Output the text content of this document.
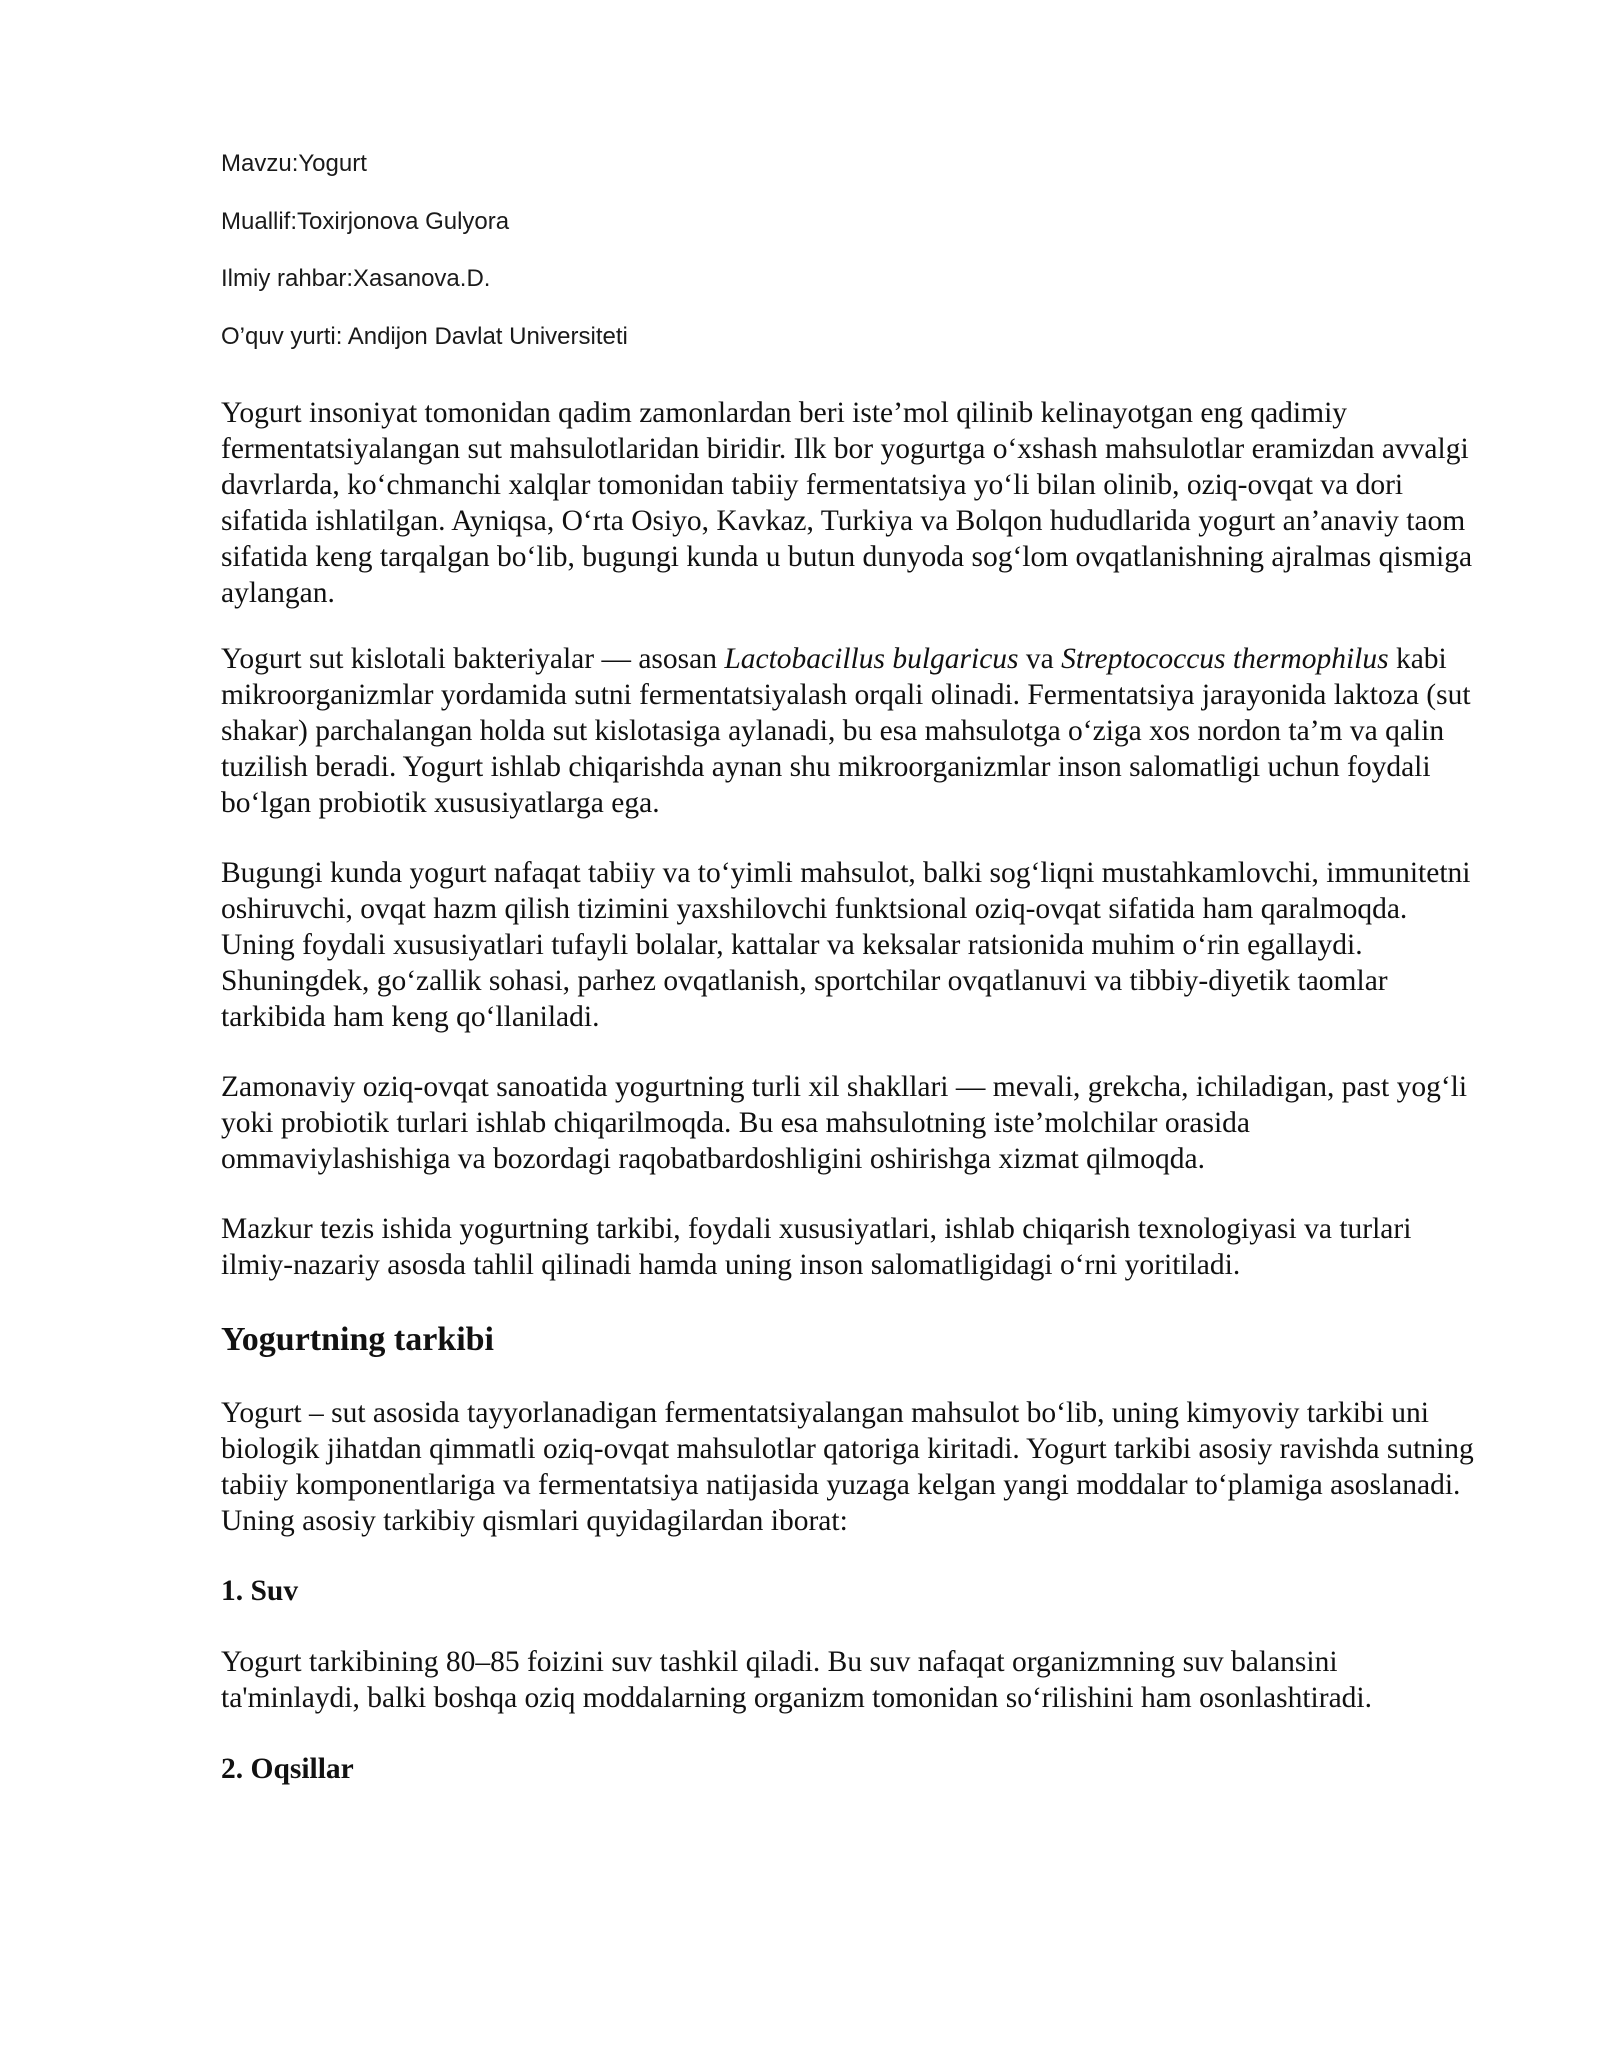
Mavzu:Yogurt
Muallif:Toxirjonova Gulyora
Ilmiy rahbar:Xasanova.D.
O’quv yurti: Andijon Davlat Universiteti

Yogurt insoniyat tomonidan qadim zamonlardan beri iste’mol qilinib kelinayotgan eng qadimiy fermentatsiyalangan sut mahsulotlaridan biridir. Ilk bor yogurtga o‘xshash mahsulotlar eramizdan avvalgi davrlarda, ko‘chmanchi xalqlar tomonidan tabiiy fermentatsiya yo‘li bilan olinib, oziq-ovqat va dori sifatida ishlatilgan. Ayniqsa, O‘rta Osiyo, Kavkaz, Turkiya va Bolqon hududlarida yogurt an’anaviy taom sifatida keng tarqalgan bo‘lib, bugungi kunda u butun dunyoda sog‘lom ovqatlanishning ajralmas qismiga aylangan.

Yogurt sut kislotali bakteriyalar — asosan Lactobacillus bulgaricus va Streptococcus thermophilus kabi mikroorganizmlar yordamida sutni fermentatsiyalash orqali olinadi. Fermentatsiya jarayonida laktoza (sut shakar) parchalangan holda sut kislotasiga aylanadi, bu esa mahsulotga o‘ziga xos nordon ta’m va qalin tuzilish beradi. Yogurt ishlab chiqarishda aynan shu mikroorganizmlar inson salomatligi uchun foydali bo‘lgan probiotik xususiyatlarga ega.

Bugungi kunda yogurt nafaqat tabiiy va to‘yimli mahsulot, balki sog‘liqni mustahkamlovchi, immunitetni oshiruvchi, ovqat hazm qilish tizimini yaxshilovchi funktsional oziq-ovqat sifatida ham qaralmoqda. Uning foydali xususiyatlari tufayli bolalar, kattalar va keksalar ratsionida muhim o‘rin egallaydi. Shuningdek, go‘zallik sohasi, parhez ovqatlanish, sportchilar ovqatlanuvi va tibbiy-diyetik taomlar tarkibida ham keng qo‘llaniladi.

Zamonaviy oziq-ovqat sanoatida yogurtning turli xil shakllari — mevali, grekcha, ichiladigan, past yog‘li yoki probiotik turlari ishlab chiqarilmoqda. Bu esa mahsulotning iste’molchilar orasida ommaviylashishiga va bozordagi raqobatbardoshligini oshirishga xizmat qilmoqda.

Mazkur tezis ishida yogurtning tarkibi, foydali xususiyatlari, ishlab chiqarish texnologiyasi va turlari ilmiy-nazariy asosda tahlil qilinadi hamda uning inson salomatligidagi o‘rni yoritiladi.

Yogurtning tarkibi

Yogurt – sut asosida tayyorlanadigan fermentatsiyalangan mahsulot bo‘lib, uning kimyoviy tarkibi uni biologik jihatdan qimmatli oziq-ovqat mahsulotlar qatoriga kiritadi. Yogurt tarkibi asosiy ravishda sutning tabiiy komponentlariga va fermentatsiya natijasida yuzaga kelgan yangi moddalar to‘plamiga asoslanadi. Uning asosiy tarkibiy qismlari quyidagilardan iborat:

1. Suv

Yogurt tarkibining 80–85 foizini suv tashkil qiladi. Bu suv nafaqat organizmning suv balansini ta'minlaydi, balki boshqa oziq moddalarning organizm tomonidan so‘rilishini ham osonlashtiradi.

2. Oqsillar
